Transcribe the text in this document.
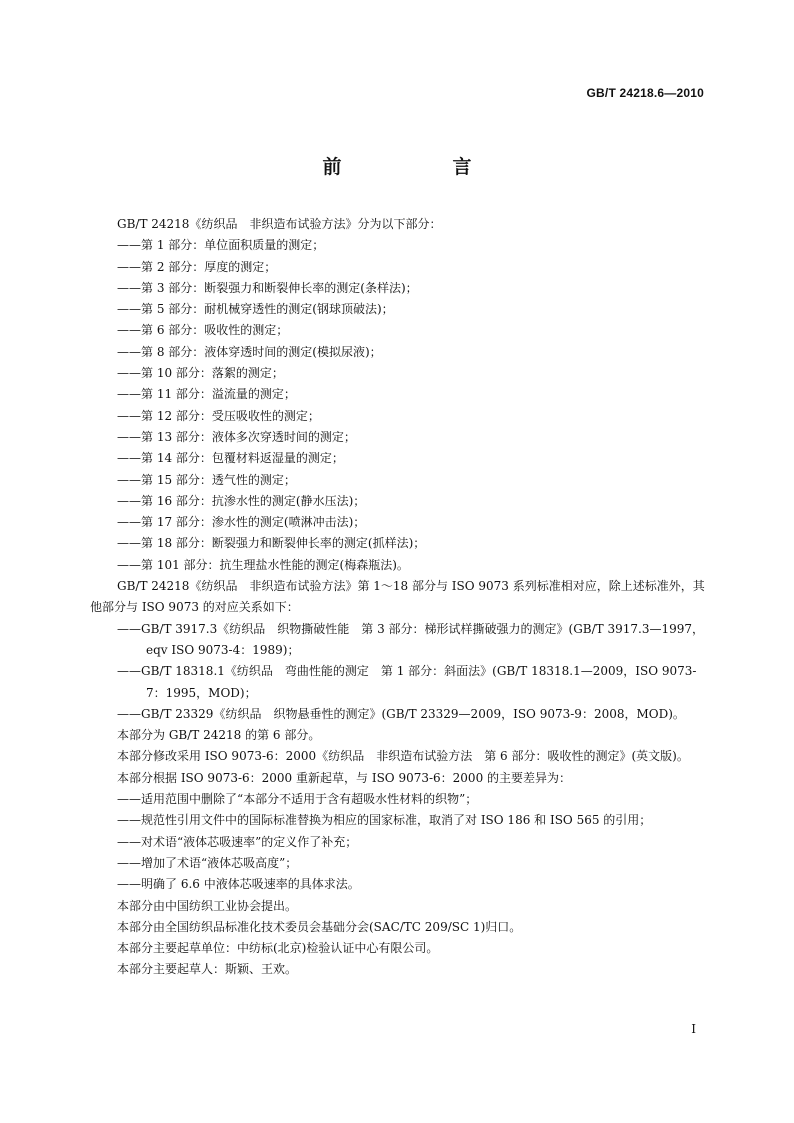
GB/T 24218.6—2010
前　言
GB/T 24218《纺织品　非织造布试验方法》分为以下部分：
——第 1 部分：单位面积质量的测定；
——第 2 部分：厚度的测定；
——第 3 部分：断裂强力和断裂伸长率的测定(条样法)；
——第 5 部分：耐机械穿透性的测定(钢球顶破法)；
——第 6 部分：吸收性的测定；
——第 8 部分：液体穿透时间的测定(模拟尿液)；
——第 10 部分：落絮的测定；
——第 11 部分：溢流量的测定；
——第 12 部分：受压吸收性的测定；
——第 13 部分：液体多次穿透时间的测定；
——第 14 部分：包覆材料返湿量的测定；
——第 15 部分：透气性的测定；
——第 16 部分：抗渗水性的测定(静水压法)；
——第 17 部分：渗水性的测定(喷淋冲击法)；
——第 18 部分：断裂强力和断裂伸长率的测定(抓样法)；
——第 101 部分：抗生理盐水性能的测定(梅森瓶法)。
GB/T 24218《纺织品　非织造布试验方法》第 1～18 部分与 ISO 9073 系列标准相对应，除上述标准外，其他部分与 ISO 9073 的对应关系如下：
——GB/T 3917.3《纺织品　织物撕破性能　第 3 部分：梯形试样撕破强力的测定》(GB/T 3917.3—1997，eqv ISO 9073-4：1989)；
——GB/T 18318.1《纺织品　弯曲性能的测定　第 1 部分：斜面法》(GB/T 18318.1—2009，ISO 9073-7：1995，MOD)；
——GB/T 23329《纺织品　织物悬垂性的测定》(GB/T 23329—2009，ISO 9073-9：2008，MOD)。
本部分为 GB/T 24218 的第 6 部分。
本部分修改采用 ISO 9073-6：2000《纺织品　非织造布试验方法　第 6 部分：吸收性的测定》(英文版)。
本部分根据 ISO 9073-6：2000 重新起草，与 ISO 9073-6：2000 的主要差异为：
——适用范围中删除了“本部分不适用于含有超吸水性材料的织物”；
——规范性引用文件中的国际标准替换为相应的国家标准，取消了对 ISO 186 和 ISO 565 的引用；
——对术语“液体芯吸速率”的定义作了补充；
——增加了术语“液体芯吸高度”；
——明确了 6.6 中液体芯吸速率的具体求法。
本部分由中国纺织工业协会提出。
本部分由全国纺织品标准化技术委员会基础分会(SAC/TC 209/SC 1)归口。
本部分主要起草单位：中纺标(北京)检验认证中心有限公司。
本部分主要起草人：斯颖、王欢。
I
